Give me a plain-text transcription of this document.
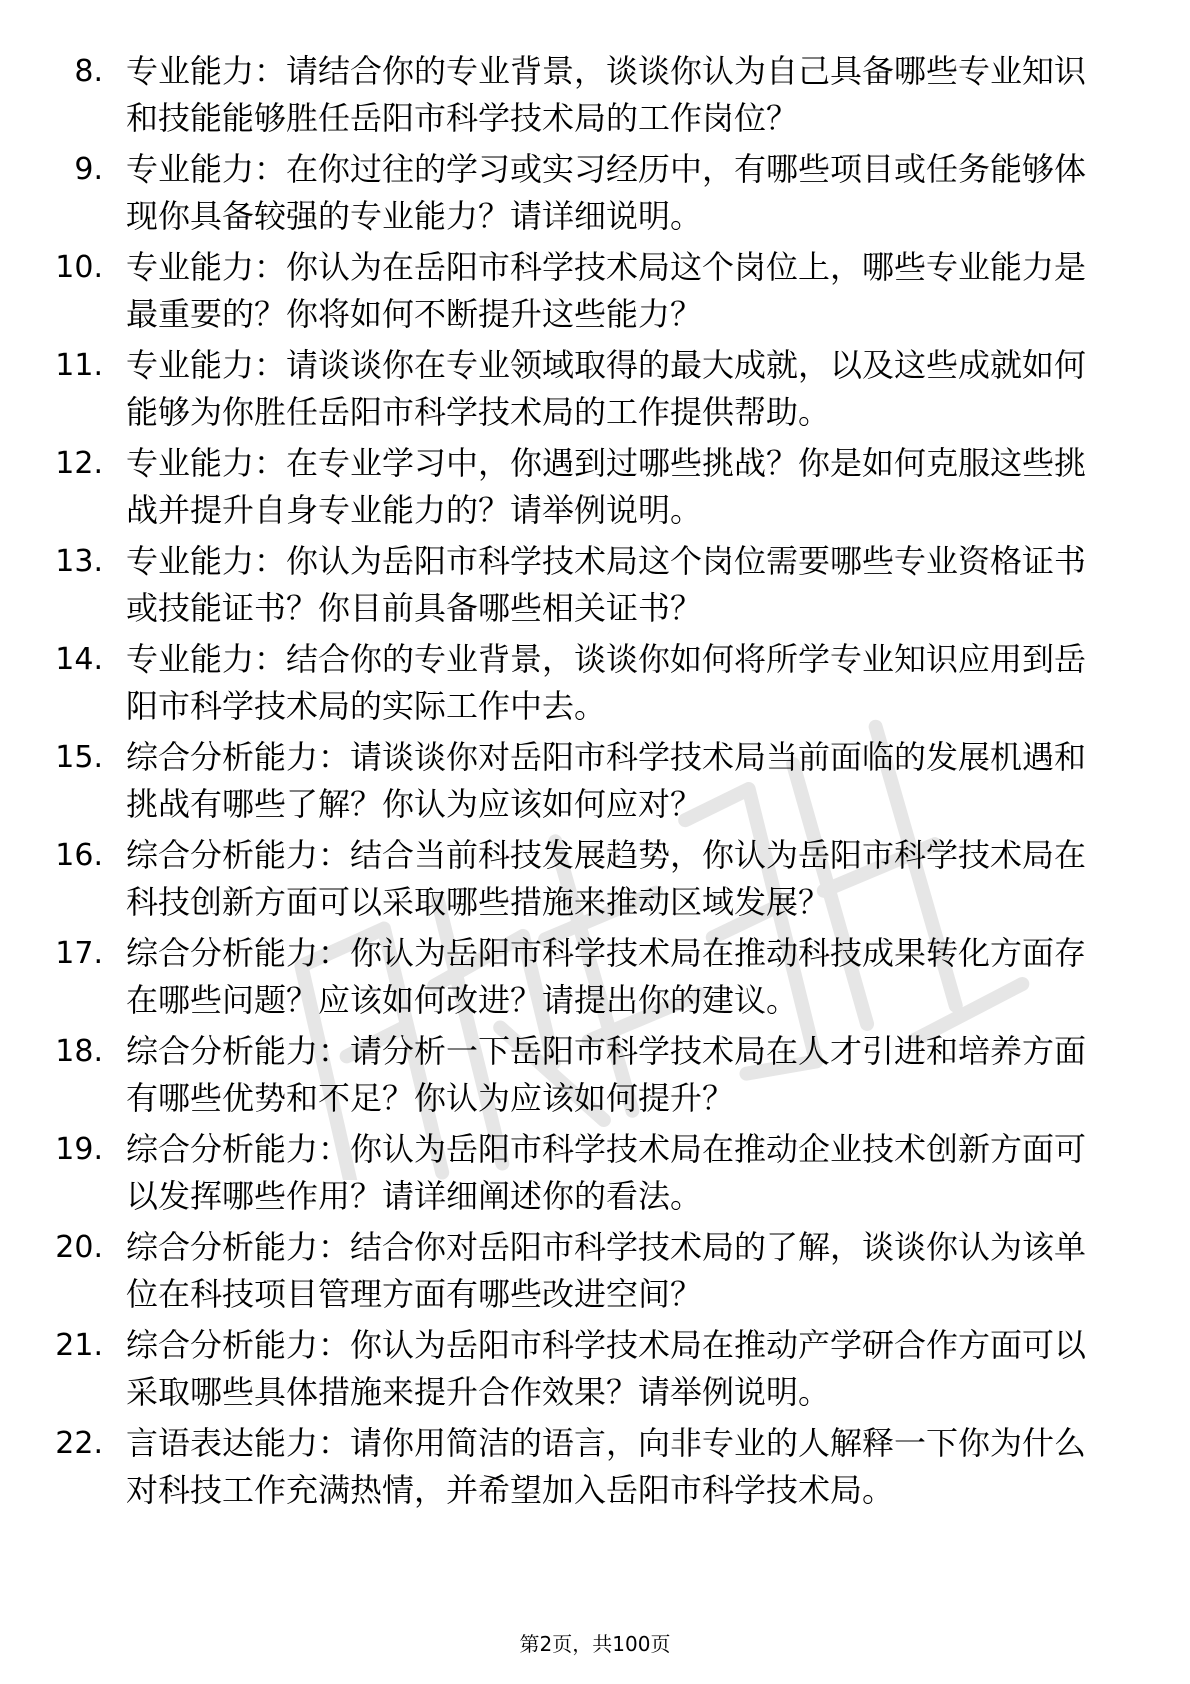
8. 专业能力：请结合你的专业背景，谈谈你认为自己具备哪些专业知识和技能能够胜任岳阳市科学技术局的工作岗位？
9. 专业能力：在你过往的学习或实习经历中，有哪些项目或任务能够体现你具备较强的专业能力？请详细说明。
10. 专业能力：你认为在岳阳市科学技术局这个岗位上，哪些专业能力是最重要的？你将如何不断提升这些能力？
11. 专业能力：请谈谈你在专业领域取得的最大成就，以及这些成就如何能够为你胜任岳阳市科学技术局的工作提供帮助。
12. 专业能力：在专业学习中，你遇到过哪些挑战？你是如何克服这些挑战并提升自身专业能力的？请举例说明。
13. 专业能力：你认为岳阳市科学技术局这个岗位需要哪些专业资格证书或技能证书？你目前具备哪些相关证书？
14. 专业能力：结合你的专业背景，谈谈你如何将所学专业知识应用到岳阳市科学技术局的实际工作中去。
15. 综合分析能力：请谈谈你对岳阳市科学技术局当前面临的发展机遇和挑战有哪些了解？你认为应该如何应对？
16. 综合分析能力：结合当前科技发展趋势，你认为岳阳市科学技术局在科技创新方面可以采取哪些措施来推动区域发展？
17. 综合分析能力：你认为岳阳市科学技术局在推动科技成果转化方面存在哪些问题？应该如何改进？请提出你的建议。
18. 综合分析能力：请分析一下岳阳市科学技术局在人才引进和培养方面有哪些优势和不足？你认为应该如何提升？
19. 综合分析能力：你认为岳阳市科学技术局在推动企业技术创新方面可以发挥哪些作用？请详细阐述你的看法。
20. 综合分析能力：结合你对岳阳市科学技术局的了解，谈谈你认为该单位在科技项目管理方面有哪些改进空间？
21. 综合分析能力：你认为岳阳市科学技术局在推动产学研合作方面可以采取哪些具体措施来提升合作效果？请举例说明。
22. 言语表达能力：请你用简洁的语言，向非专业的人解释一下你为什么对科技工作充满热情，并希望加入岳阳市科学技术局。
第2页，共100页
